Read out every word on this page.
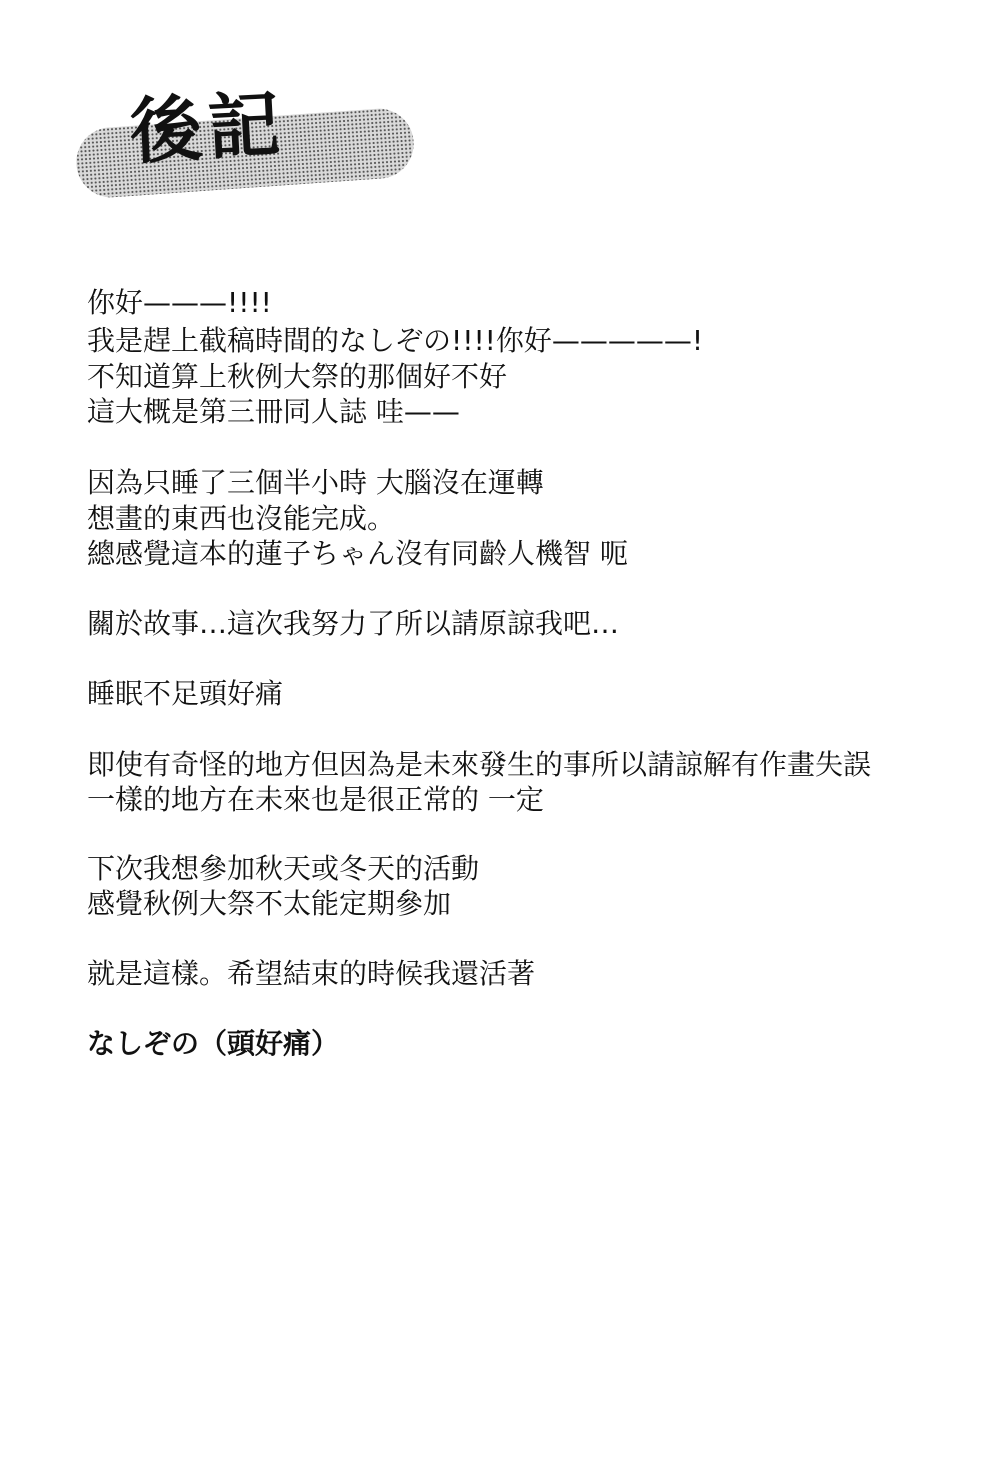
後記
你好———!!!!
我是趕上截稿時間的なしぞの!!!!你好—————!
不知道算上秋例大祭的那個好不好
這大概是第三冊同人誌 哇——
因為只睡了三個半小時 大腦沒在運轉
想畫的東西也沒能完成。
總感覺這本的蓮子ちゃん沒有同齡人機智 呃
關於故事…這次我努力了所以請原諒我吧…
睡眠不足頭好痛
即使有奇怪的地方但因為是未來發生的事所以請諒解有作畫失誤
一樣的地方在未來也是很正常的 一定
下次我想參加秋天或冬天的活動
感覺秋例大祭不太能定期參加
就是這樣。希望結束的時候我還活著
なしぞの（頭好痛）
